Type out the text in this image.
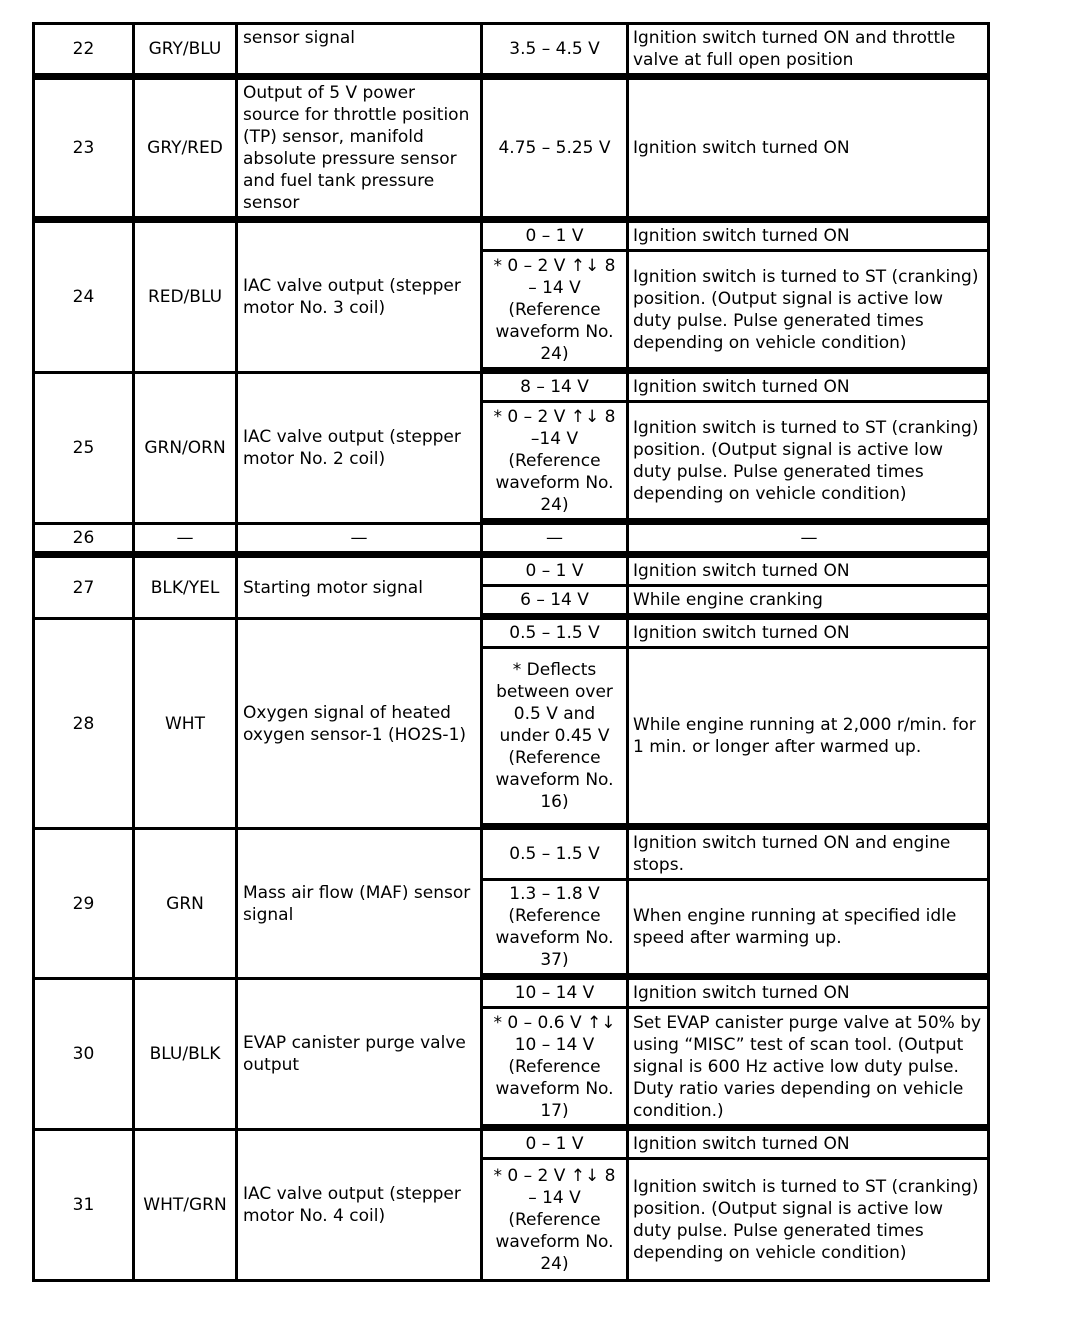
22	GRY/BLU	sensor signal	3.5 – 4.5 V	Ignition switch turned ON and throttle valve at full open position
23	GRY/RED	Output of 5 V power source for throttle position (TP) sensor, manifold absolute pressure sensor and fuel tank pressure sensor	4.75 – 5.25 V	Ignition switch turned ON
24	RED/BLU	IAC valve output (stepper motor No. 3 coil)	0 – 1 V	Ignition switch turned ON
			* 0 – 2 V ↑↓ 8 – 14 V (Reference waveform No. 24)	Ignition switch is turned to ST (cranking) position. (Output signal is active low duty pulse. Pulse generated times depending on vehicle condition)
25	GRN/ORN	IAC valve output (stepper motor No. 2 coil)	8 – 14 V	Ignition switch turned ON
			* 0 – 2 V ↑↓ 8 –14 V (Reference waveform No. 24)	Ignition switch is turned to ST (cranking) position. (Output signal is active low duty pulse. Pulse generated times depending on vehicle condition)
26	—	—	—	—
27	BLK/YEL	Starting motor signal	0 – 1 V	Ignition switch turned ON
			6 – 14 V	While engine cranking
28	WHT	Oxygen signal of heated oxygen sensor-1 (HO2S-1)	0.5 – 1.5 V	Ignition switch turned ON
			* Deflects between over 0.5 V and under 0.45 V (Reference waveform No. 16)	While engine running at 2,000 r/min. for 1 min. or longer after warmed up.
29	GRN	Mass air flow (MAF) sensor signal	0.5 – 1.5 V	Ignition switch turned ON and engine stops.
			1.3 – 1.8 V (Reference waveform No. 37)	When engine running at specified idle speed after warming up.
30	BLU/BLK	EVAP canister purge valve output	10 – 14 V	Ignition switch turned ON
			* 0 – 0.6 V ↑↓ 10 – 14 V (Reference waveform No. 17)	Set EVAP canister purge valve at 50% by using “MISC” test of scan tool. (Output signal is 600 Hz active low duty pulse. Duty ratio varies depending on vehicle condition.)
31	WHT/GRN	IAC valve output (stepper motor No. 4 coil)	0 – 1 V	Ignition switch turned ON
			* 0 – 2 V ↑↓ 8 – 14 V (Reference waveform No. 24)	Ignition switch is turned to ST (cranking) position. (Output signal is active low duty pulse. Pulse generated times depending on vehicle condition)
